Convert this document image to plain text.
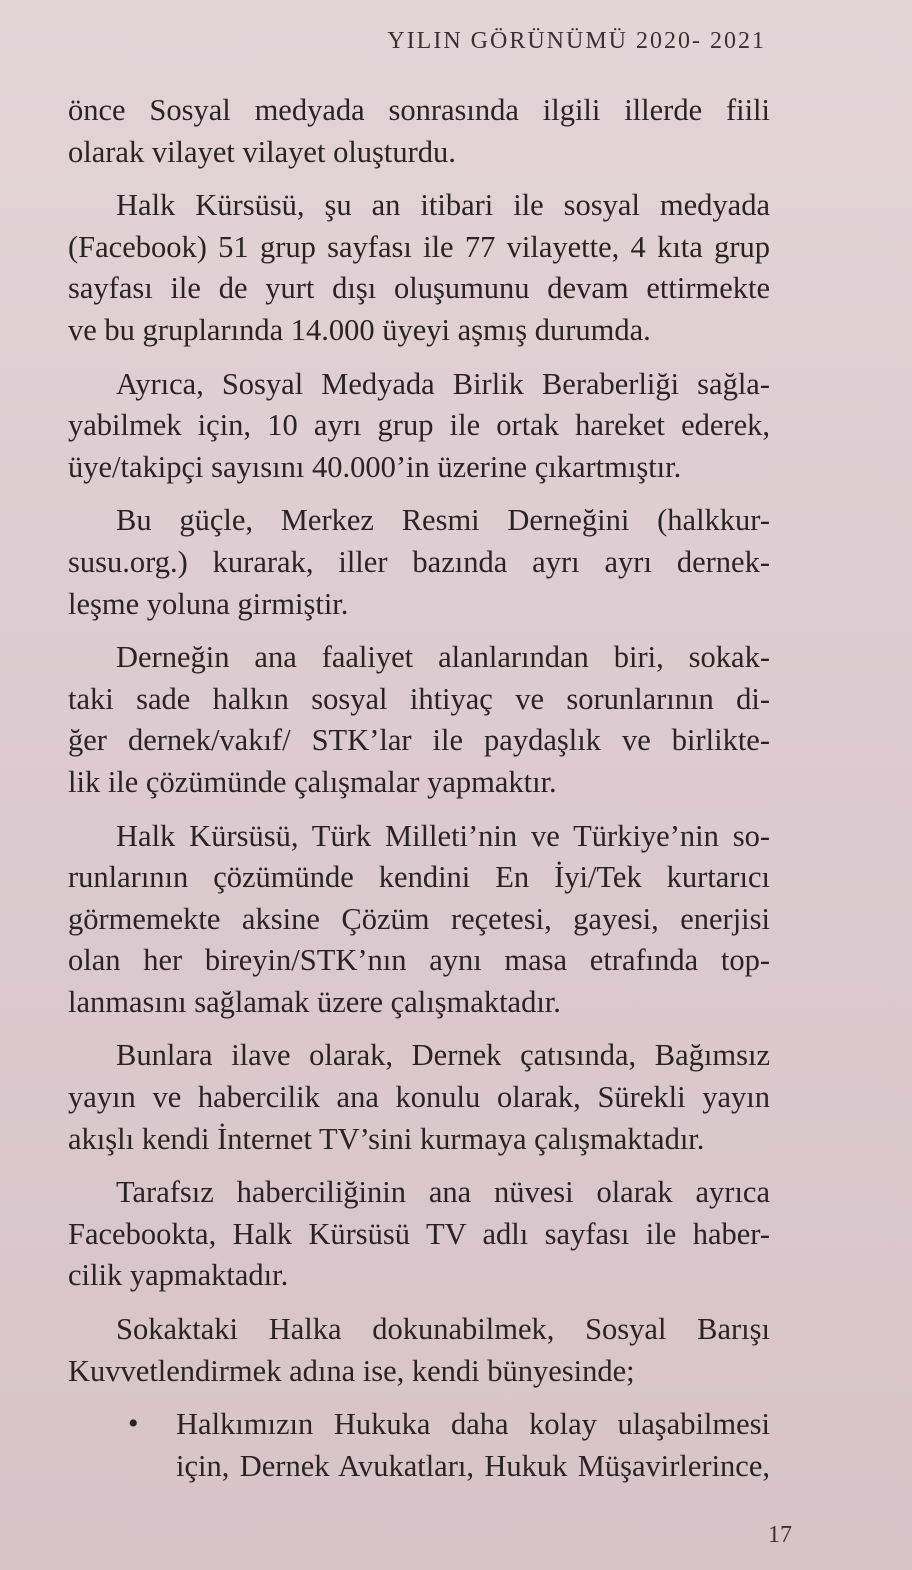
YILIN GÖRÜNÜMÜ 2020- 2021
önce Sosyal medyada sonrasında ilgili illerde fiili
olarak vilayet vilayet oluşturdu.
Halk Kürsüsü, şu an itibari ile sosyal medyada
(Facebook) 51 grup sayfası ile 77 vilayette, 4 kıta grup
sayfası ile de yurt dışı oluşumunu devam ettirmekte
ve bu gruplarında 14.000 üyeyi aşmış durumda.
Ayrıca, Sosyal Medyada Birlik Beraberliği sağla-
yabilmek için, 10 ayrı grup ile ortak hareket ederek,
üye/takipçi sayısını 40.000’in üzerine çıkartmıştır.
Bu güçle, Merkez Resmi Derneğini (halkkur-
susu.org.) kurarak, iller bazında ayrı ayrı dernek-
leşme yoluna girmiştir.
Derneğin ana faaliyet alanlarından biri, sokak-
taki sade halkın sosyal ihtiyaç ve sorunlarının di-
ğer dernek/vakıf/ STK’lar ile paydaşlık ve birlikte-
lik ile çözümünde çalışmalar yapmaktır.
Halk Kürsüsü, Türk Milleti’nin ve Türkiye’nin so-
runlarının çözümünde kendini En İyi/Tek kurtarıcı
görmemekte aksine Çözüm reçetesi, gayesi, enerjisi
olan her bireyin/STK’nın aynı masa etrafında top-
lanmasını sağlamak üzere çalışmaktadır.
Bunlara ilave olarak, Dernek çatısında, Bağımsız
yayın ve habercilik ana konulu olarak, Sürekli yayın
akışlı kendi İnternet TV’sini kurmaya çalışmaktadır.
Tarafsız haberciliğinin ana nüvesi olarak ayrıca
Facebookta, Halk Kürsüsü TV adlı sayfası ile haber-
cilik yapmaktadır.
Sokaktaki Halka dokunabilmek, Sosyal Barışı
Kuvvetlendirmek adına ise, kendi bünyesinde;
• Halkımızın Hukuka daha kolay ulaşabilmesi
için, Dernek Avukatları, Hukuk Müşavirlerince,
17
